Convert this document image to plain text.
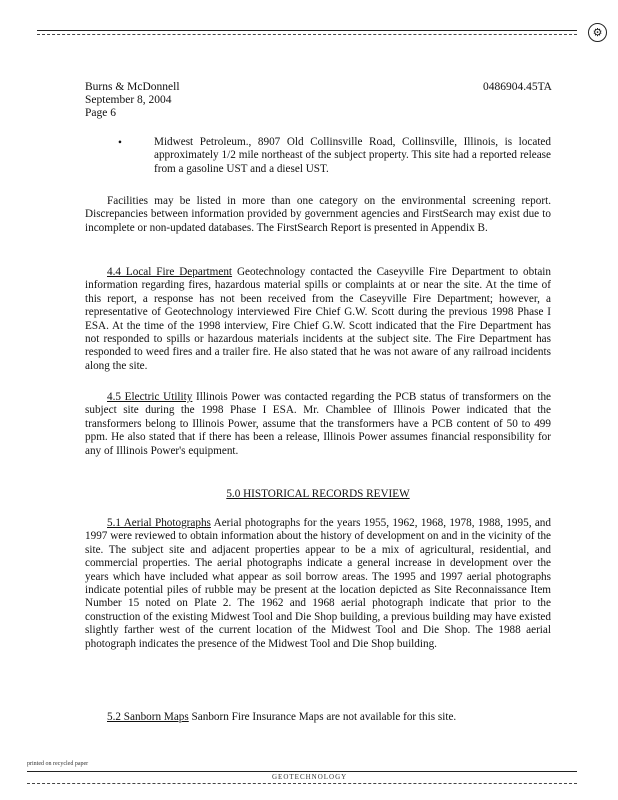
⚙
Burns & McDonnell
September 8, 2004
Page 6
0486904.45TA
•	Midwest Petroleum., 8907 Old Collinsville Road, Collinsville, Illinois, is located approximately 1/2 mile northeast of the subject property. This site had a reported release from a gasoline UST and a diesel UST.
Facilities may be listed in more than one category on the environmental screening report. Discrepancies between information provided by government agencies and FirstSearch may exist due to incomplete or non-updated databases. The FirstSearch Report is presented in Appendix B.
4.4 Local Fire Department Geotechnology contacted the Caseyville Fire Department to obtain information regarding fires, hazardous material spills or complaints at or near the site. At the time of this report, a response has not been received from the Caseyville Fire Department; however, a representative of Geotechnology interviewed Fire Chief G.W. Scott during the previous 1998 Phase I ESA. At the time of the 1998 interview, Fire Chief G.W. Scott indicated that the Fire Department has not responded to spills or hazardous materials incidents at the subject site. The Fire Department has responded to weed fires and a trailer fire. He also stated that he was not aware of any railroad incidents along the site.
4.5 Electric Utility Illinois Power was contacted regarding the PCB status of transformers on the subject site during the 1998 Phase I ESA. Mr. Chamblee of Illinois Power indicated that the transformers belong to Illinois Power, assume that the transformers have a PCB content of 50 to 499 ppm. He also stated that if there has been a release, Illinois Power assumes financial responsibility for any of Illinois Power's equipment.
5.0 HISTORICAL RECORDS REVIEW
5.1 Aerial Photographs Aerial photographs for the years 1955, 1962, 1968, 1978, 1988, 1995, and 1997 were reviewed to obtain information about the history of development on and in the vicinity of the site. The subject site and adjacent properties appear to be a mix of agricultural, residential, and commercial properties. The aerial photographs indicate a general increase in development over the years which have included what appear as soil borrow areas. The 1995 and 1997 aerial photographs indicate potential piles of rubble may be present at the location depicted as Site Reconnaissance Item Number 15 noted on Plate 2. The 1962 and 1968 aerial photograph indicate that prior to the construction of the existing Midwest Tool and Die Shop building, a previous building may have existed slightly farther west of the current location of the Midwest Tool and Die Shop. The 1988 aerial photograph indicates the presence of the Midwest Tool and Die Shop building.
5.2 Sanborn Maps Sanborn Fire Insurance Maps are not available for this site.
printed on recycled paper
GEOTECHNOLOGY
